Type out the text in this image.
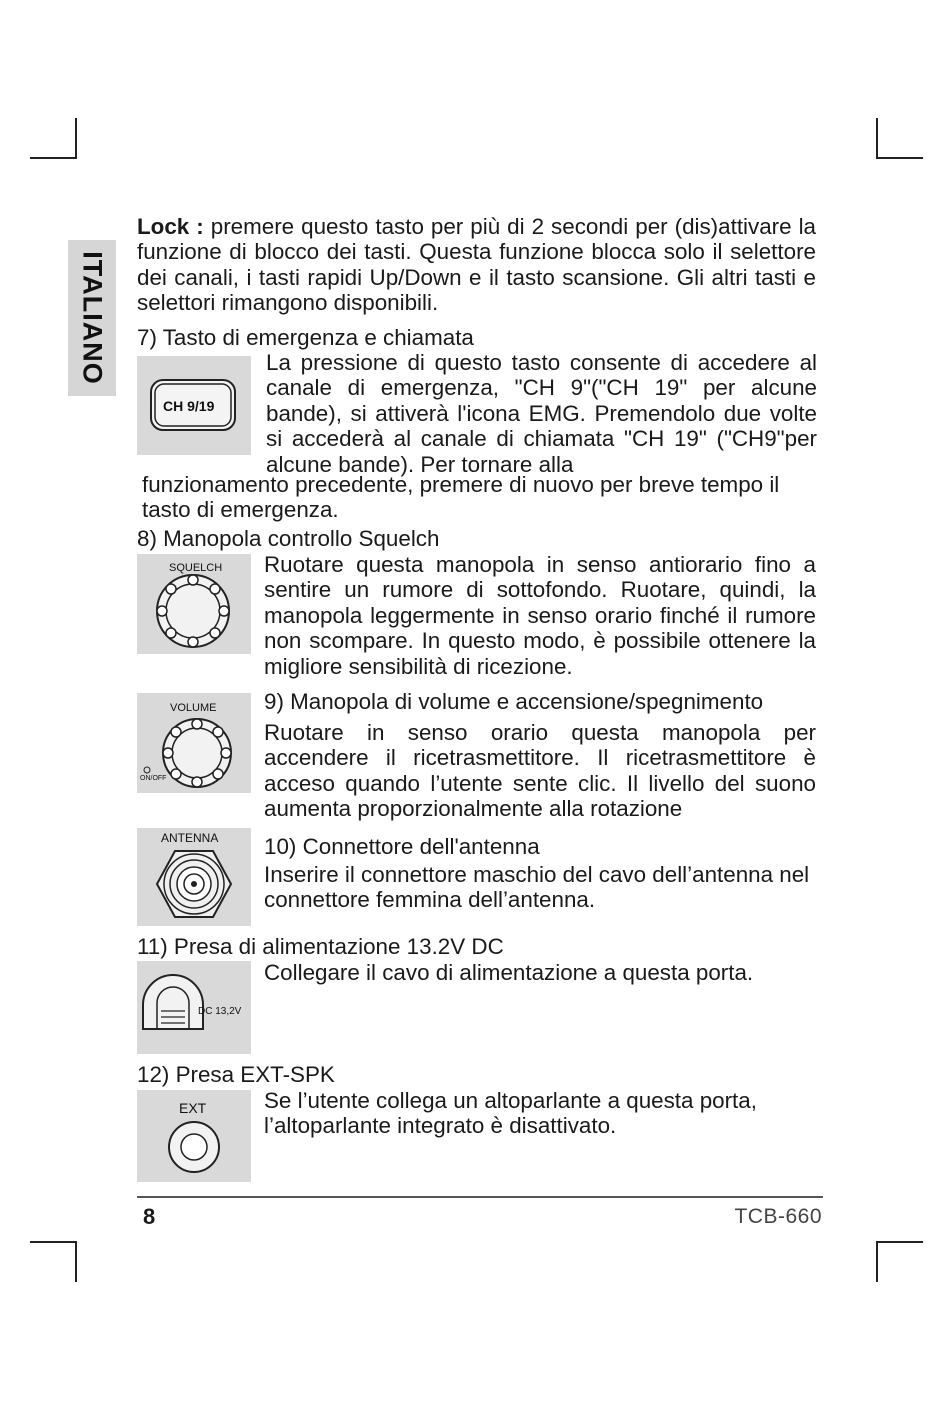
ITALIANO

Lock : premere questo tasto per più di 2 secondi per (dis)attivare la funzione di blocco dei tasti. Questa funzione blocca solo il selettore dei canali, i tasti rapidi Up/Down e il tasto scansione. Gli altri tasti e selettori rimangono disponibili.

7) Tasto di emergenza e chiamata

CH 9/19

La pressione di questo tasto consente di accedere al canale di emergenza, "CH 9"("CH 19" per alcune bande), si attiverà l'icona EMG. Premendolo due volte si accederà al canale di chiamata "CH 19" ("CH9"per alcune bande). Per tornare alla

funzionamento precedente, premere di nuovo per breve tempo il tasto di emergenza.

8) Manopola controllo Squelch

SQUELCH Ruotare questa manopola in senso antiorario fino a sentire un rumore di sottofondo. Ruotare, quindi, la manopola leggermente in senso orario finché il rumore non scompare. In questo modo, è possibile ottenere la migliore sensibilità di ricezione.

VOLUME
ON/OFF

9) Manopola di volume e accensione/spegnimento

Ruotare in senso orario questa manopola per accendere il ricetrasmettitore. Il ricetrasmettitore è acceso quando l’utente sente clic. Il livello del suono aumenta proporzionalmente alla rotazione

ANTENNA 10) Connettore dell'antenna

Inserire il connettore maschio del cavo dell’antenna nel connettore femmina dell’antenna.

11) Presa di alimentazione 13.2V DC

DC 13,2V

Collegare il cavo di alimentazione a questa porta.

12) Presa EXT-SPK

EXT	Se l’utente collega un altoparlante a questa porta, l’altoparlante integrato è disattivato.

8	TCB-660
